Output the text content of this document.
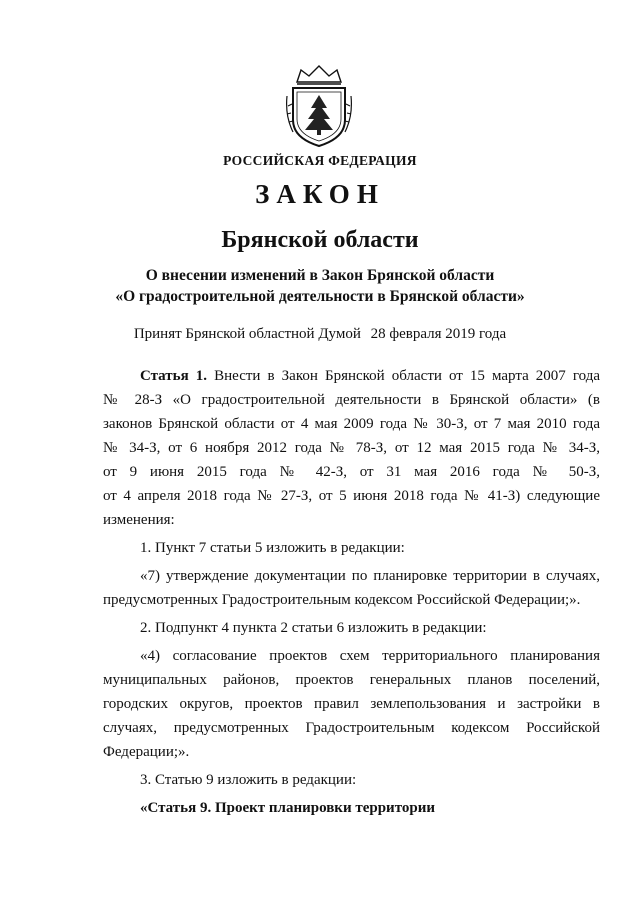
РОССИЙСКАЯ ФЕДЕРАЦИЯ
ЗАКОН
Брянской области
О внесении изменений в Закон Брянской области
«О градостроительной деятельности в Брянской области»
Принят Брянской областной Думой 28 февраля 2019 года
Статья 1. Внести в Закон Брянской области от 15 марта 2007 года
№ 28-З «О градостроительной деятельности в Брянской области» (в
законов Брянской области от 4 мая 2009 года № 30-З, от 7 мая 2010 года
№ 34-З, от 6 ноября 2012 года № 78-З, от 12 мая 2015 года № 34-З,
от 9 июня 2015 года № 42-З, от 31 мая 2016 года № 50-З,
от 4 апреля 2018 года № 27-З, от 5 июня 2018 года № 41-З) следующие
изменения:
1. Пункт 7 статьи 5 изложить в редакции:
«7) утверждение документации по планировке территории в случаях,
предусмотренных Градостроительным кодексом Российской Федерации;».
2. Подпункт 4 пункта 2 статьи 6 изложить в редакции:
«4) согласование проектов схем территориального планирования
муниципальных районов, проектов генеральных планов поселений,
городских округов, проектов правил землепользования и застройки в
случаях, предусмотренных Градостроительным кодексом Российской
Федерации;».
3. Статью 9 изложить в редакции:
«Статья 9. Проект планировки территории
